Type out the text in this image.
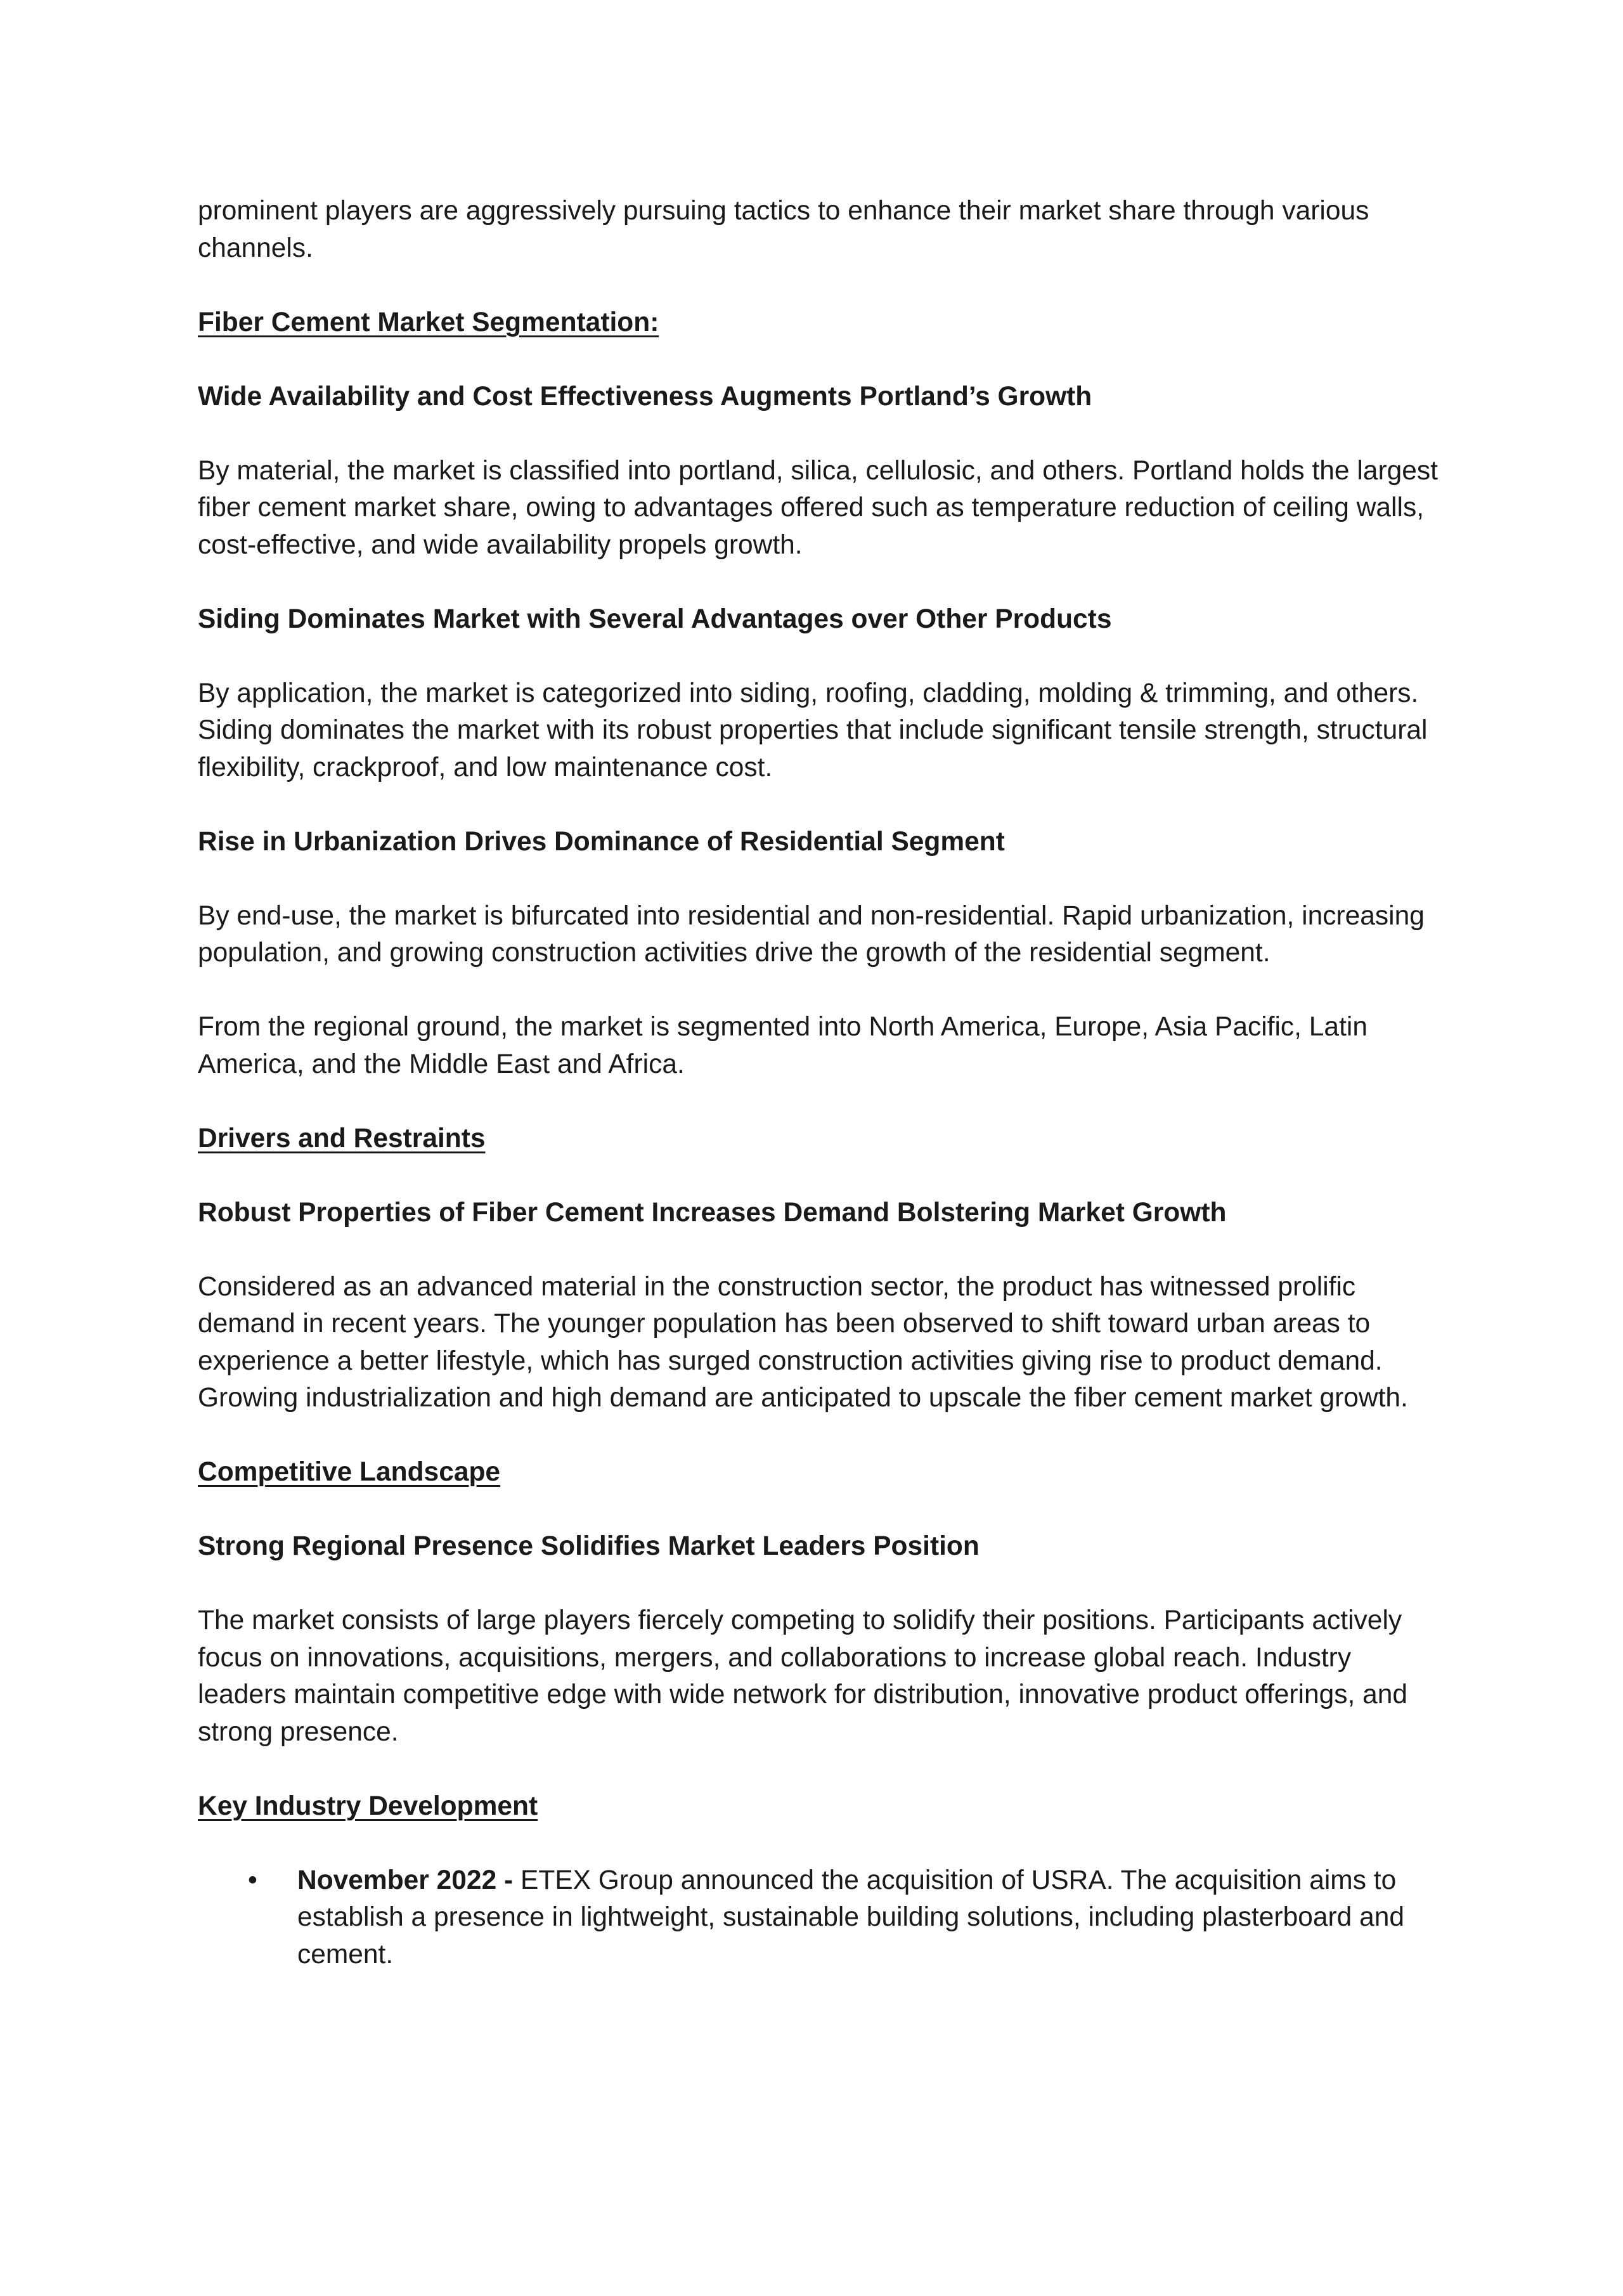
prominent players are aggressively pursuing tactics to enhance their market share through various channels.

Fiber Cement Market Segmentation:

Wide Availability and Cost Effectiveness Augments Portland’s Growth

By material, the market is classified into portland, silica, cellulosic, and others. Portland holds the largest fiber cement market share, owing to advantages offered such as temperature reduction of ceiling walls, cost-effective, and wide availability propels growth.

Siding Dominates Market with Several Advantages over Other Products

By application, the market is categorized into siding, roofing, cladding, molding & trimming, and others. Siding dominates the market with its robust properties that include significant tensile strength, structural flexibility, crackproof, and low maintenance cost.

Rise in Urbanization Drives Dominance of Residential Segment

By end-use, the market is bifurcated into residential and non-residential. Rapid urbanization, increasing population, and growing construction activities drive the growth of the residential segment.

From the regional ground, the market is segmented into North America, Europe, Asia Pacific, Latin America, and the Middle East and Africa.

Drivers and Restraints

Robust Properties of Fiber Cement Increases Demand Bolstering Market Growth

Considered as an advanced material in the construction sector, the product has witnessed prolific demand in recent years. The younger population has been observed to shift toward urban areas to experience a better lifestyle, which has surged construction activities giving rise to product demand. Growing industrialization and high demand are anticipated to upscale the fiber cement market growth.

Competitive Landscape

Strong Regional Presence Solidifies Market Leaders Position

The market consists of large players fiercely competing to solidify their positions. Participants actively focus on innovations, acquisitions, mergers, and collaborations to increase global reach. Industry leaders maintain competitive edge with wide network for distribution, innovative product offerings, and strong presence.

Key Industry Development

• November 2022 - ETEX Group announced the acquisition of USRA. The acquisition aims to establish a presence in lightweight, sustainable building solutions, including plasterboard and cement.
